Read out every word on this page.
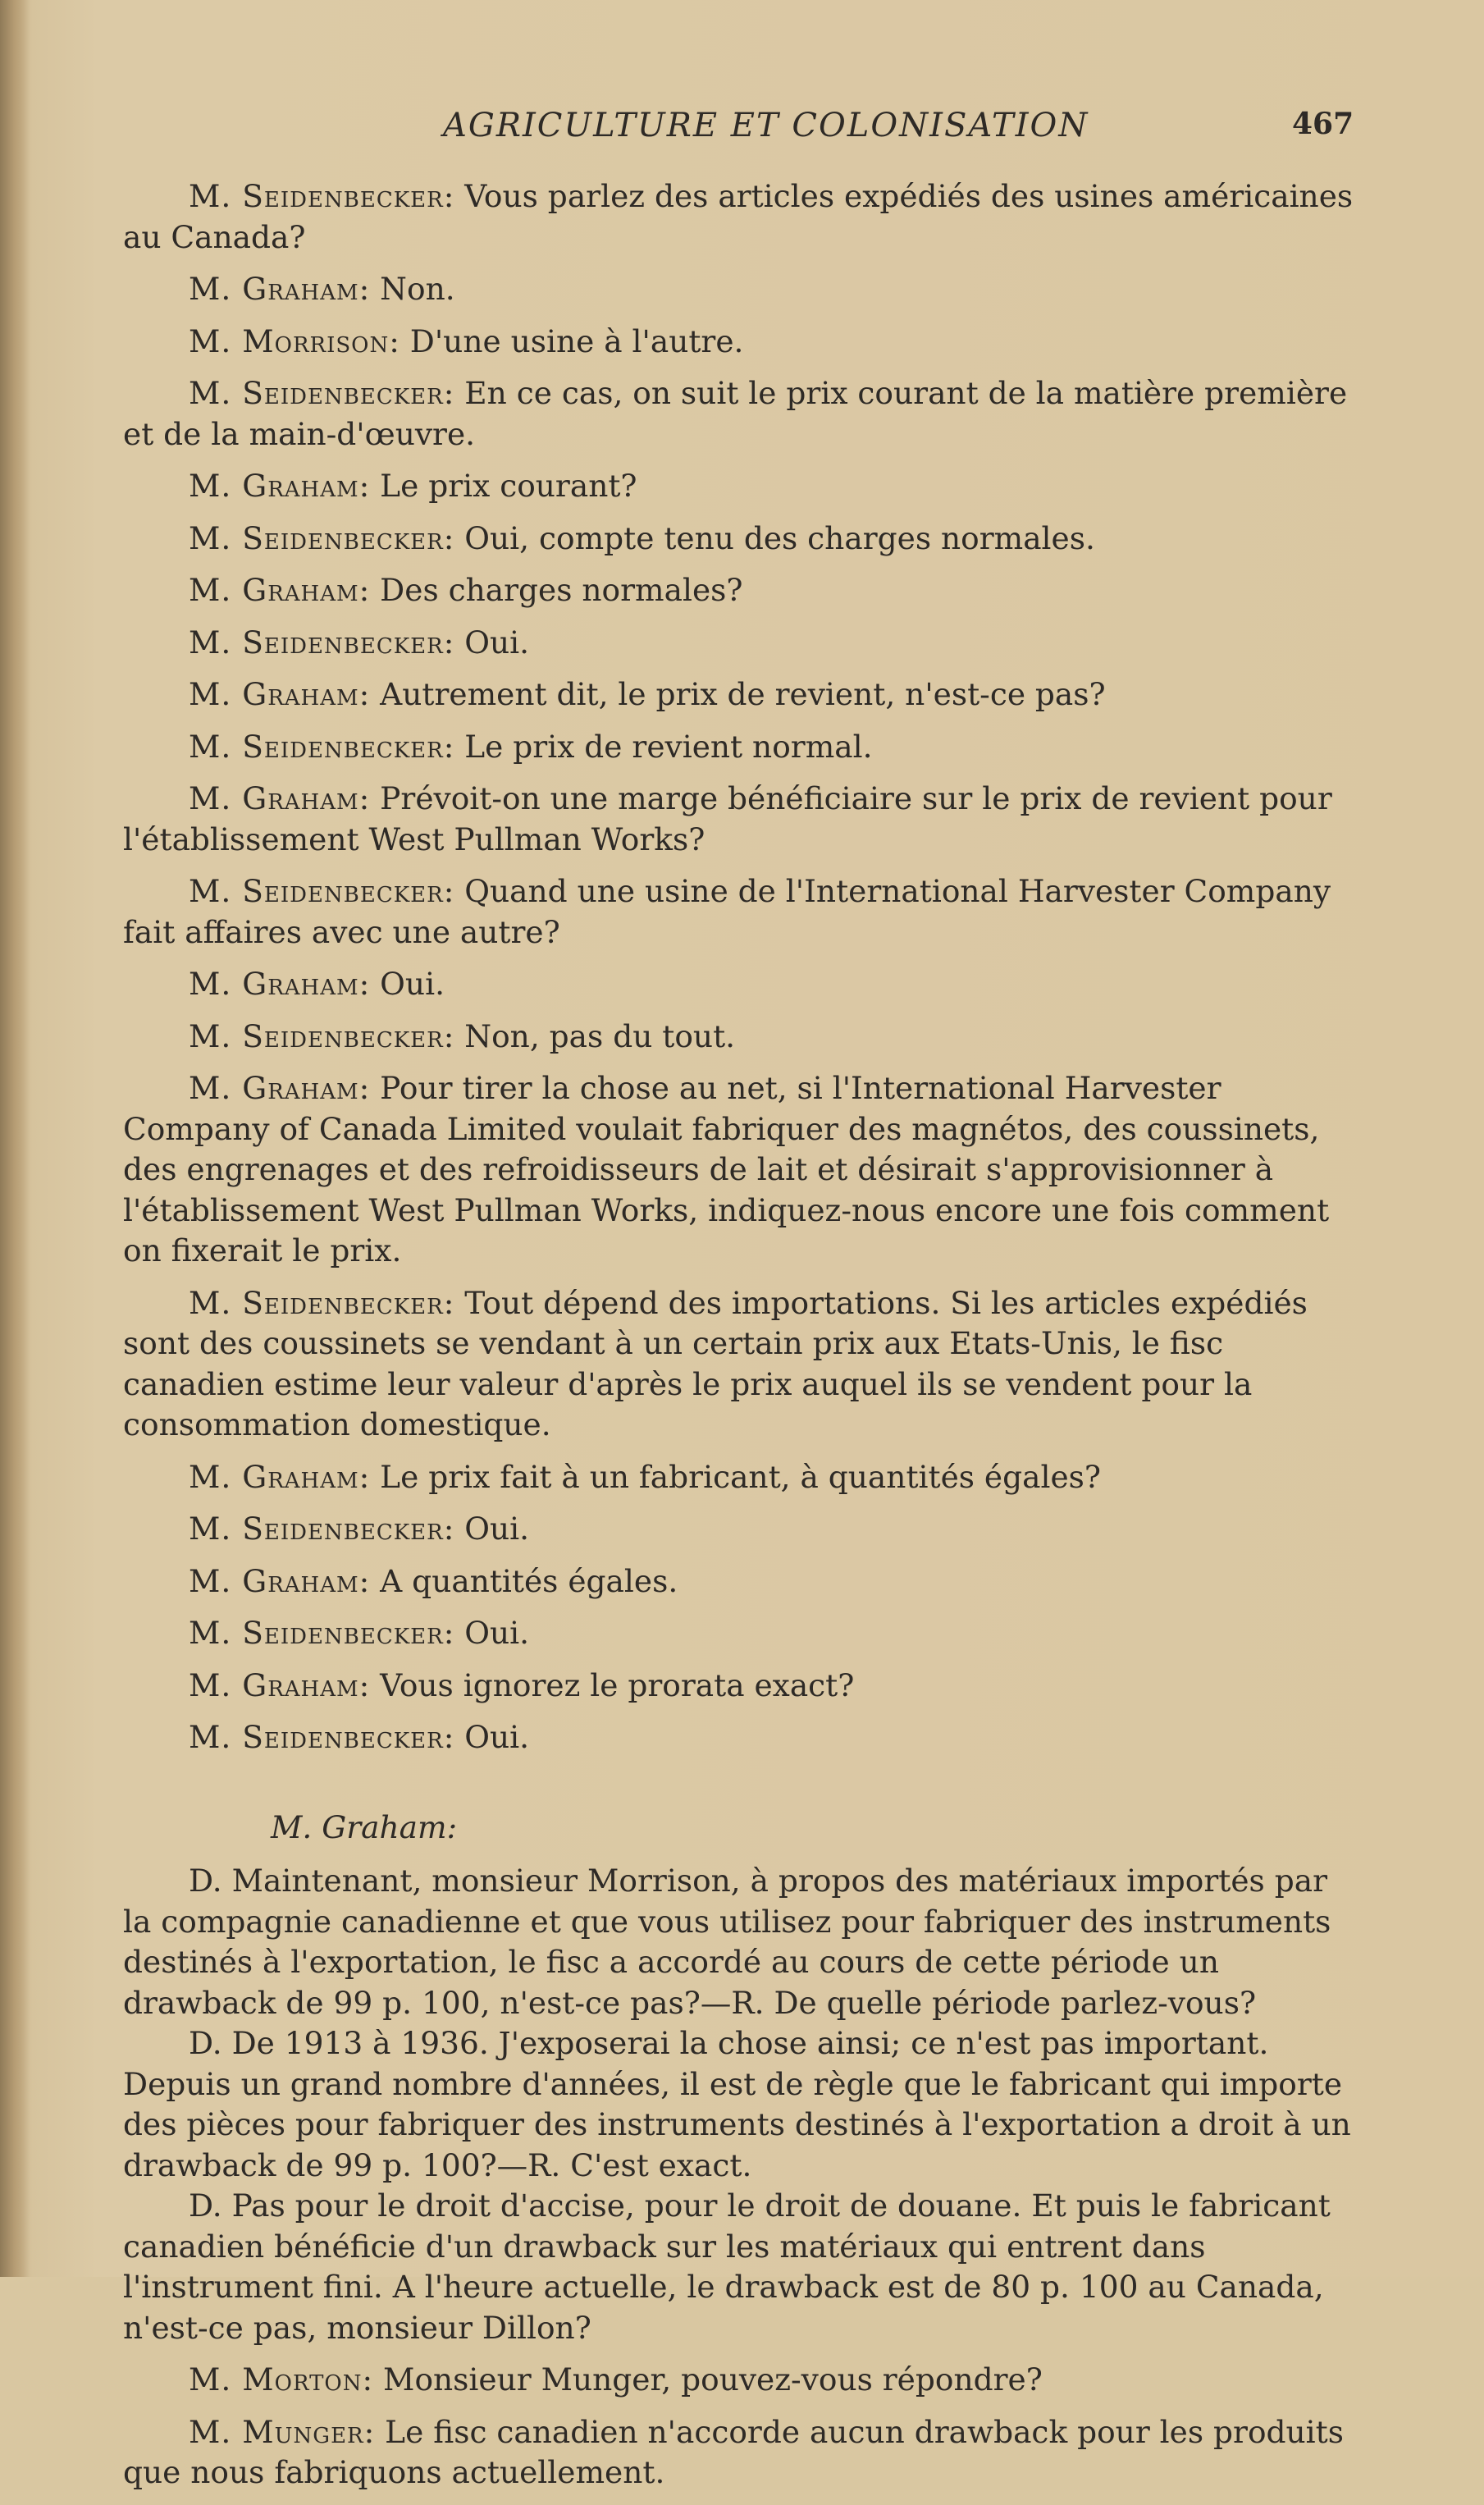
AGRICULTURE ET COLONISATION	467

M. Seidenbecker: Vous parlez des articles expédiés des usines américaines au Canada?

M. Graham: Non.

M. Morrison: D'une usine à l'autre.

M. Seidenbecker: En ce cas, on suit le prix courant de la matière première et de la main-d'œuvre.

M. Graham: Le prix courant?

M. Seidenbecker: Oui, compte tenu des charges normales.

M. Graham: Des charges normales?

M. Seidenbecker: Oui.

M. Graham: Autrement dit, le prix de revient, n'est-ce pas?

M. Seidenbecker: Le prix de revient normal.

M. Graham: Prévoit-on une marge bénéficiaire sur le prix de revient pour l'établissement West Pullman Works?

M. Seidenbecker: Quand une usine de l'International Harvester Company fait affaires avec une autre?

M. Graham: Oui.

M. Seidenbecker: Non, pas du tout.

M. Graham: Pour tirer la chose au net, si l'International Harvester Company of Canada Limited voulait fabriquer des magnétos, des coussinets, des engrenages et des refroidisseurs de lait et désirait s'approvisionner à l'établissement West Pullman Works, indiquez-nous encore une fois comment on fixerait le prix.

M. Seidenbecker: Tout dépend des importations. Si les articles expédiés sont des coussinets se vendant à un certain prix aux Etats-Unis, le fisc canadien estime leur valeur d'après le prix auquel ils se vendent pour la consommation domestique.

M. Graham: Le prix fait à un fabricant, à quantités égales?

M. Seidenbecker: Oui.

M. Graham: A quantités égales.

M. Seidenbecker: Oui.

M. Graham: Vous ignorez le prorata exact?

M. Seidenbecker: Oui.

M. Graham:

D. Maintenant, monsieur Morrison, à propos des matériaux importés par la compagnie canadienne et que vous utilisez pour fabriquer des instruments destinés à l'exportation, le fisc a accordé au cours de cette période un drawback de 99 p. 100, n'est-ce pas?—R. De quelle période parlez-vous?

D. De 1913 à 1936. J'exposerai la chose ainsi; ce n'est pas important. Depuis un grand nombre d'années, il est de règle que le fabricant qui importe des pièces pour fabriquer des instruments destinés à l'exportation a droit à un drawback de 99 p. 100?—R. C'est exact.

D. Pas pour le droit d'accise, pour le droit de douane. Et puis le fabricant canadien bénéficie d'un drawback sur les matériaux qui entrent dans l'instrument fini. A l'heure actuelle, le drawback est de 80 p. 100 au Canada, n'est-ce pas, monsieur Dillon?

M. Morton: Monsieur Munger, pouvez-vous répondre?

M. Munger: Le fisc canadien n'accorde aucun drawback pour les produits que nous fabriquons actuellement.
